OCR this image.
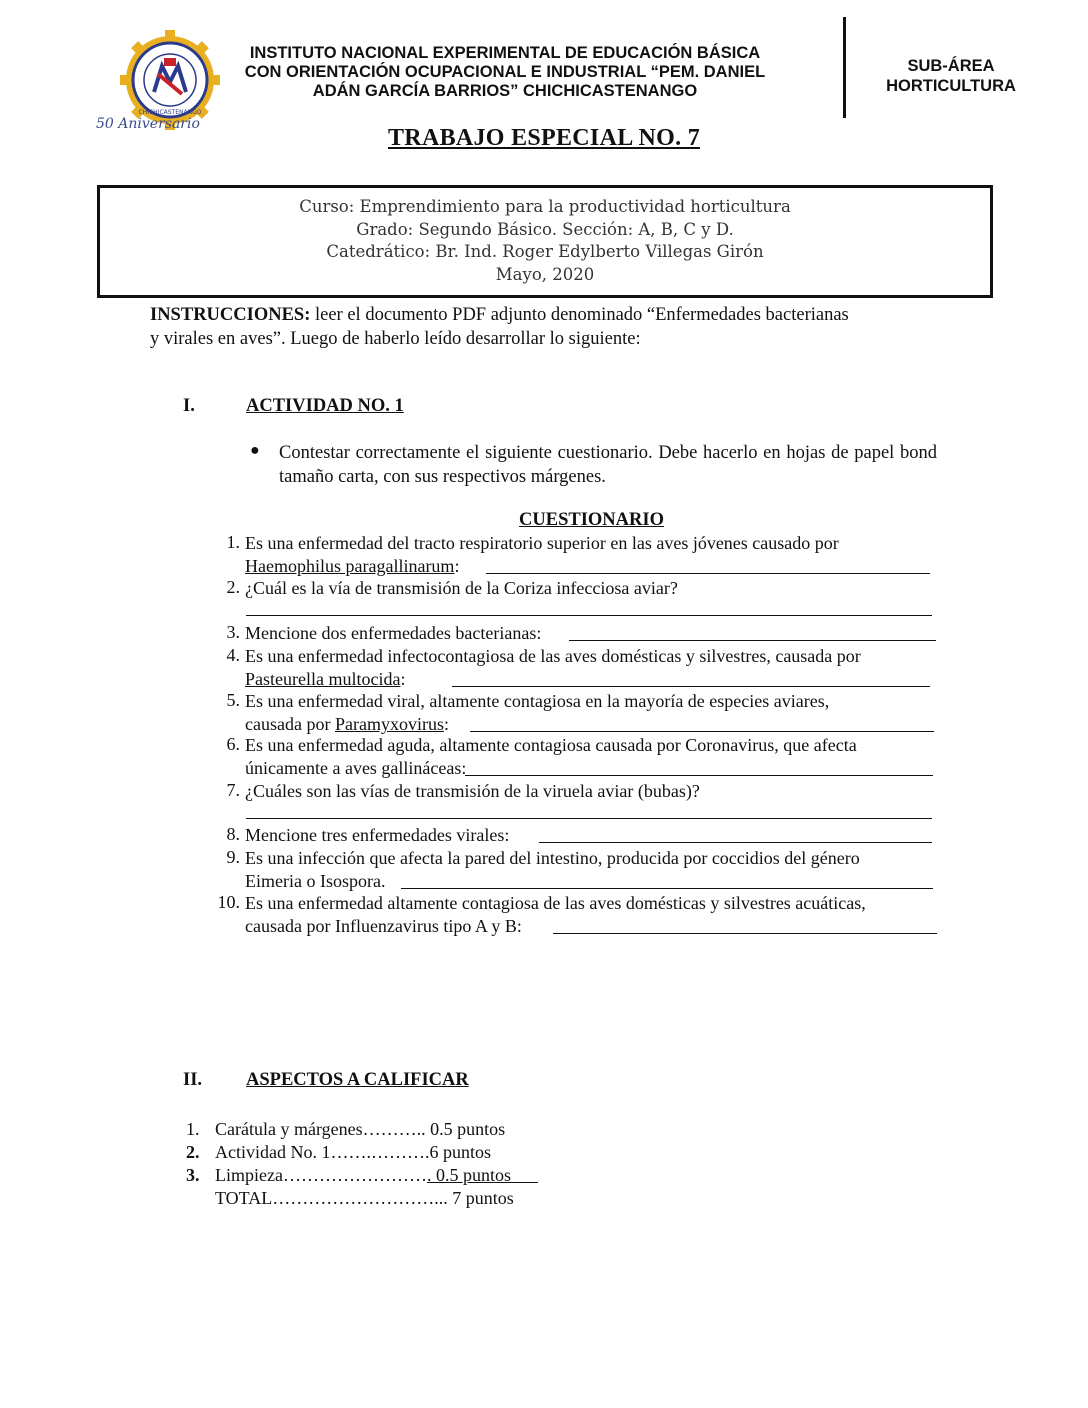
CHICHICASTENANGO
50 Aniversario
INSTITUTO NACIONAL EXPERIMENTAL DE EDUCACIÓN BÁSICA
CON ORIENTACIÓN OCUPACIONAL E INDUSTRIAL “PEM. DANIEL
ADÁN GARCÍA BARRIOS” CHICHICASTENANGO
SUB-ÁREA
HORTICULTURA
TRABAJO ESPECIAL NO. 7
Curso: Emprendimiento para la productividad horticultura
Grado: Segundo Básico. Sección: A, B, C y D.
Catedrático: Br. Ind. Roger Edylberto Villegas Girón
Mayo, 2020
INSTRUCCIONES: leer el documento PDF adjunto denominado “Enfermedades bacterianas
y virales en aves”. Luego de haberlo leído desarrollar lo siguiente:
I.	ACTIVIDAD NO. 1
● Contestar correctamente el siguiente cuestionario. Debe hacerlo en hojas de papel bond tamaño carta, con sus respectivos márgenes.
CUESTIONARIO
1. Es una enfermedad del tracto respiratorio superior en las aves jóvenes causado por
Haemophilus paragallinarum:
2. ¿Cuál es la vía de transmisión de la Coriza infecciosa aviar?
3. Mencione dos enfermedades bacterianas:
4. Es una enfermedad infectocontagiosa de las aves domésticas y silvestres, causada por
Pasteurella multocida:
5. Es una enfermedad viral, altamente contagiosa en la mayoría de especies aviares,
causada por Paramyxovirus:
6. Es una enfermedad aguda, altamente contagiosa causada por Coronavirus, que afecta
únicamente a aves gallináceas:
7. ¿Cuáles son las vías de transmisión de la viruela aviar (bubas)?
8. Mencione tres enfermedades virales:
9. Es una infección que afecta la pared del intestino, producida por coccidios del género
Eimeria o Isospora.
10. Es una enfermedad altamente contagiosa de las aves domésticas y silvestres acuáticas,
causada por Influenzavirus tipo A y B:
II. ASPECTOS A CALIFICAR
1. Carátula y márgenes……….. 0.5 puntos
2. Actividad No. 1…….……….6 puntos
3. Limpieza……………………. 0.5 puntos
TOTAL………………………... 7 puntos
